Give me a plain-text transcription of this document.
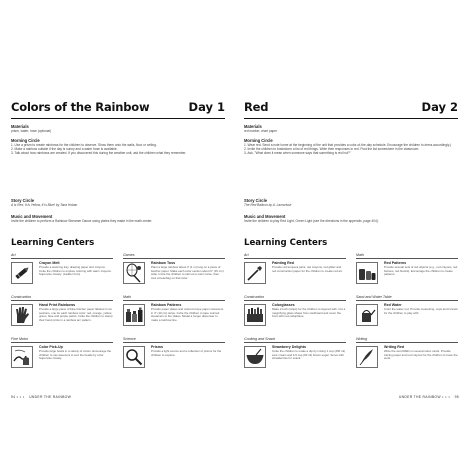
Colors of the Rainbow	Day 1
Materials
prism, water, hose (optional)
Morning Circle
1. Use a prism to create rainbows for the children to observe. Show them onto the walls, floor or ceiling.
2. Make a rainbow outside if the day is sunny and a water hose is available.
3. Talk about how rainbows are created. If you discovered this during the weather unit, ask the children what they remember.
Story Circle
A Is Red, It Is Yellow, It Is Blue! by Tana Hoban
Music and Movement
Invite the children to perform a Rainbow Streamer Dance using plates they made in the math center.
Learning Centers
Art	Games
Crayon Melt
Provide a warming tray, drawing paper and crayons. Invite the children to explore coloring with warm crayons. Supervise closely. (Ladder hum)
Rainbow Toss
Paint a large rainbow about 3' (1 m) long on a piece of butcher paper. Make each color section about 6" (15 cm) wide. Invite the children to call out a color name, then toss a beanbag on that color.
Construction	Math
Hand Print Rainbows
Provide a large piece of blue butcher paper labeled in six sections, one for each rainbow color: red, orange, yellow, green, blue and purple paints. Invite the children to stamp their hand prints in a rainbow arc pattern.
Rainbow Patterns
Provide paper plates and colored crepe paper streamers in 4" (10 cm) strips. Invite the children to tape colored streamers to the plates. Model a longer dispenser to make a rainbow line.
Fine Motor	Science
Color Pick-Up
Provide large bowls in a variety of colors. Encourage the children to use tweezers to sort the beads by color. Supervise closely.
Prisms
Provide a light source and a collection of prisms for the children to explore.
94 ••• UNDER THE RAINBOW
Red	Day 2
Materials
red marker, chart paper
Morning Circle
1. Wear red. Send a note home at the beginning of the unit that provides a color-of-the-day schedule. Encourage the children to dress accordingly.)
2. Invite the children to brainstorm a list of red things. Write their responses in red. Post the list somewhere in the classroom.
3. Ask, "What does it mean when someone says that something is red hot?"
Story Circle
The Red Balloon by A. Lamorisse
Music and Movement
Invite the children to play Red Light, Green Light (see the directions in the appendix, page 404).
Learning Centers
Art	Math
Painting Red
Provide red tempera paint, red crayons, red glitter and red construction paper for the children to create red art.
Red Patterns
Provide several sets of red objects (e.g., red crayons, red buttons, red blocks). Encourage the children to create patterns.
Construction	Sand and Water Table
Colorglasses
Make 2-inch (strips) for the children to layered with. Cut a magnifying glass shape from cardboard and cover the front with red cellophane.
Red Water
Color the water red. Provide measuring, cups and funnels for the children to play with.
Cooking and Snack	Writing
Strawberry Delights
Invite the children to make a dip by mixing 1 cup (250 ml) sour cream and 1/4 cup (60 ml) brown sugar. Serve with strawberries for snack.
Writing Red
Write the word RED on several index cards. Provide tracing paper and red crayons for the children to trace the word.
UNDER THE RAINBOW ••• 95
